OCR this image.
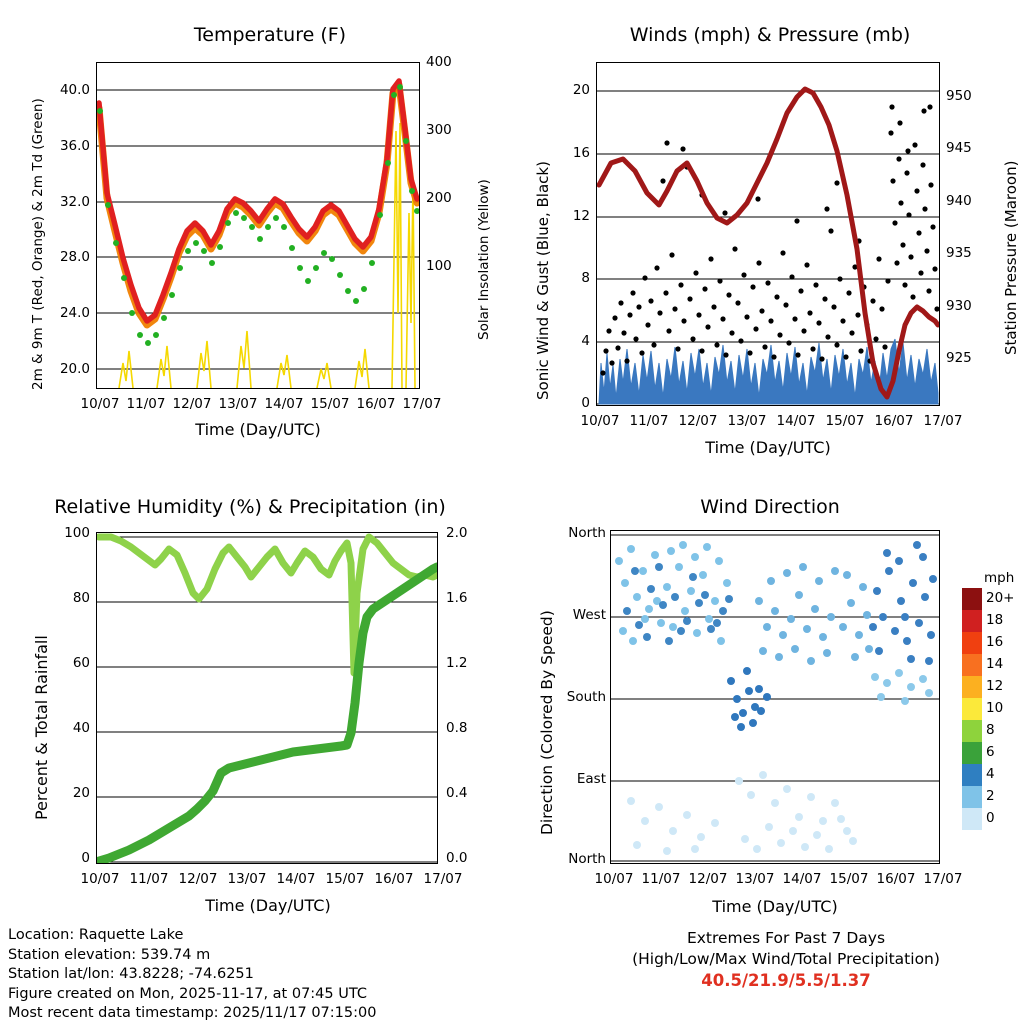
Temperature (F)
40.0
36.0
32.0
28.0
24.0
20.0
400
300
200
100
10/07 11/07 12/07 13/07 14/07 15/07 16/07 17/07
Time (Day/UTC)
2m & 9m T (Red, Orange) & 2m Td (Green)	Solar Insolation (Yellow)
Winds (mph) & Pressure (mb)
20
16
12
8
4
0
950
945
940
935
930
925
10/07 11/07 12/07 13/07 14/07 15/07 16/07 17/07
Time (Day/UTC)
Sonic Wind & Gust (Blue, Black)	Station Pressure (Maroon)
Relative Humidity (%) & Precipitation (in)
100
80
60
40
20
0
2.0
1.6
1.2
0.8
0.4
0.0
10/07 11/07 12/07 13/07 14/07 15/07 16/07 17/07
Time (Day/UTC)
Percent & Total Rainfall
Wind Direction
North
West
South
East
North
10/07 11/07 12/07 13/07 14/07 15/07 16/07 17/07
Time (Day/UTC)
Direction (Colored By Speed)
mph
20+
18
16
14
12
10
8
6
4
2
0
Location: Raquette Lake
Station elevation: 539.74 m
Station lat/lon: 43.8228; -74.6251
Figure created on Mon, 2025-11-17, at 07:45 UTC
Most recent data timestamp: 2025/11/17 07:15:00
Extremes For Past 7 Days
(High/Low/Max Wind/Total Precipitation)
40.5/21.9/5.5/1.37
